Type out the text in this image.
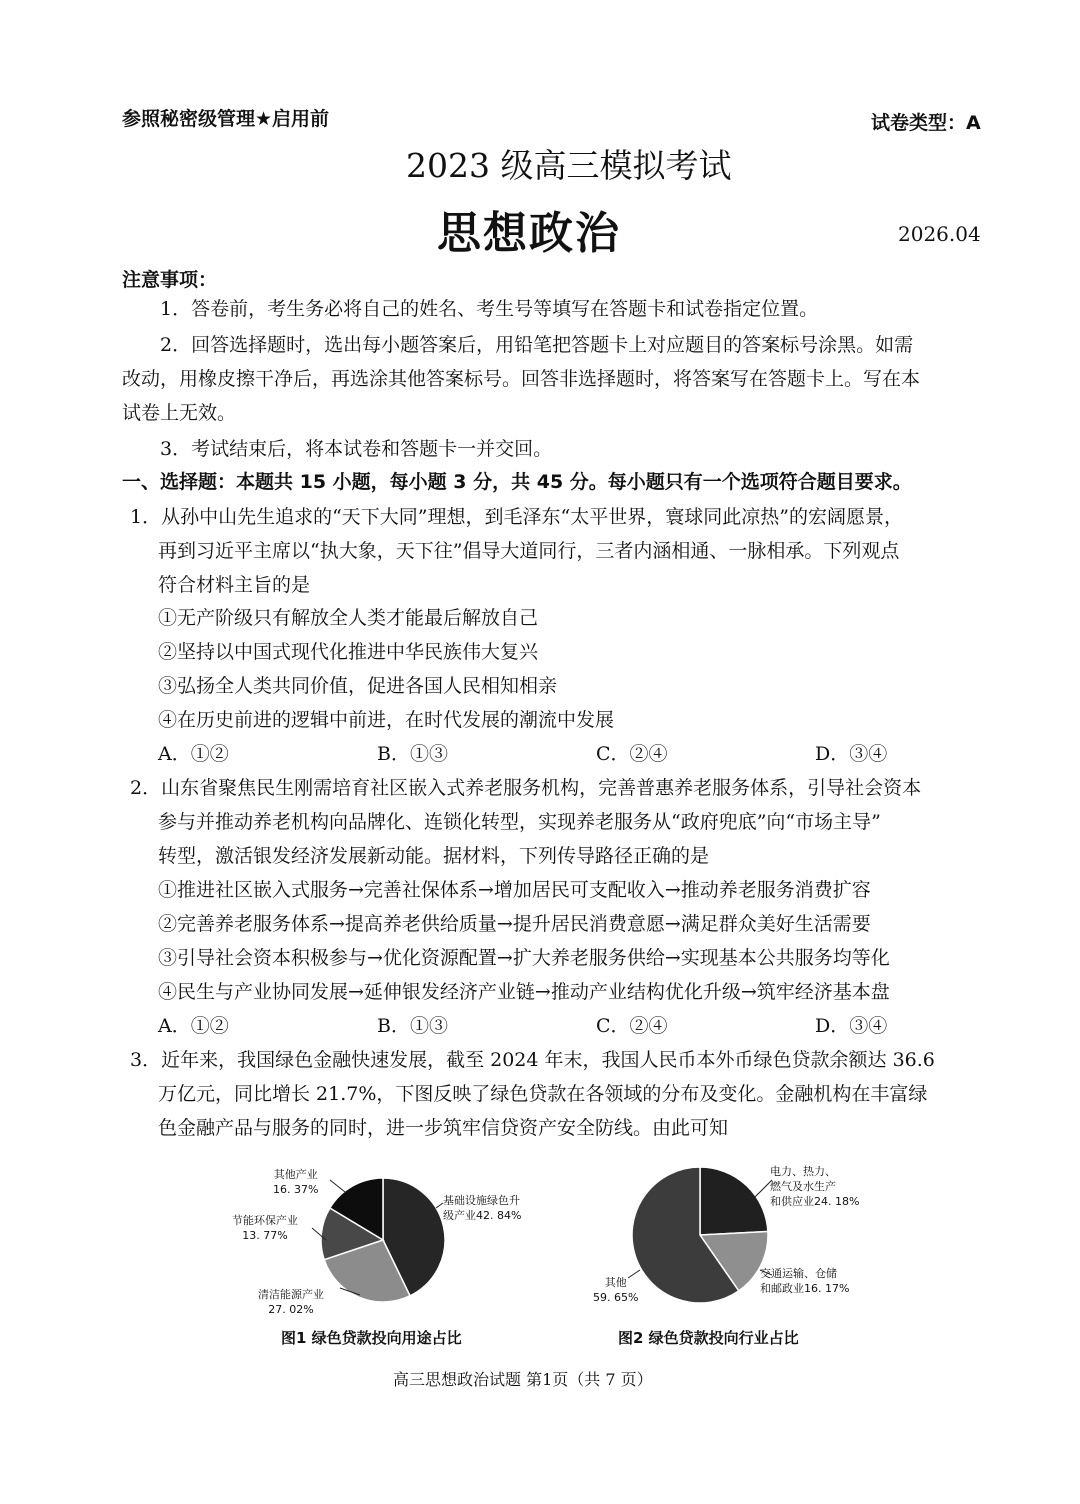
参照秘密级管理★启用前	试卷类型：A
2023 级高三模拟考试
思想政治	2026.04
注意事项：
1．答卷前，考生务必将自己的姓名、考生号等填写在答题卡和试卷指定位置。
2．回答选择题时，选出每小题答案后，用铅笔把答题卡上对应题目的答案标号涂黑。如需
改动，用橡皮擦干净后，再选涂其他答案标号。回答非选择题时，将答案写在答题卡上。写在本
试卷上无效。
3．考试结束后，将本试卷和答题卡一并交回。
一、选择题：本题共 15 小题，每小题 3 分，共 45 分。每小题只有一个选项符合题目要求。
1．从孙中山先生追求的“天下大同”理想，到毛泽东“太平世界，寰球同此凉热”的宏阔愿景，
再到习近平主席以“执大象，天下往”倡导大道同行，三者内涵相通、一脉相承。下列观点
符合材料主旨的是
①无产阶级只有解放全人类才能最后解放自己
②坚持以中国式现代化推进中华民族伟大复兴
③弘扬全人类共同价值，促进各国人民相知相亲
④在历史前进的逻辑中前进，在时代发展的潮流中发展
A．①②	B．①③	C．②④	D．③④
2．山东省聚焦民生刚需培育社区嵌入式养老服务机构，完善普惠养老服务体系，引导社会资本
参与并推动养老机构向品牌化、连锁化转型，实现养老服务从“政府兜底”向“市场主导”
转型，激活银发经济发展新动能。据材料，下列传导路径正确的是
①推进社区嵌入式服务→完善社保体系→增加居民可支配收入→推动养老服务消费扩容
②完善养老服务体系→提高养老供给质量→提升居民消费意愿→满足群众美好生活需要
③引导社会资本积极参与→优化资源配置→扩大养老服务供给→实现基本公共服务均等化
④民生与产业协同发展→延伸银发经济产业链→推动产业结构优化升级→筑牢经济基本盘
A．①②	B．①③	C．②④	D．③④
3．近年来，我国绿色金融快速发展，截至 2024 年末，我国人民币本外币绿色贷款余额达 36.6
万亿元，同比增长 21.7%，下图反映了绿色贷款在各领域的分布及变化。金融机构在丰富绿
色金融产品与服务的同时，进一步筑牢信贷资产安全防线。由此可知
基础设施绿色升
级产业42. 84%
清洁能源产业
27. 02%
节能环保产业
13. 77%
其他产业
16. 37%
图1 绿色贷款投向用途占比
电力、热力、
燃气及水生产
和供应业24. 18%
交通运输、仓储
和邮政业16. 17%
其他
59. 65%
图2 绿色贷款投向行业占比
高三思想政治试题 第1页（共 7 页）
